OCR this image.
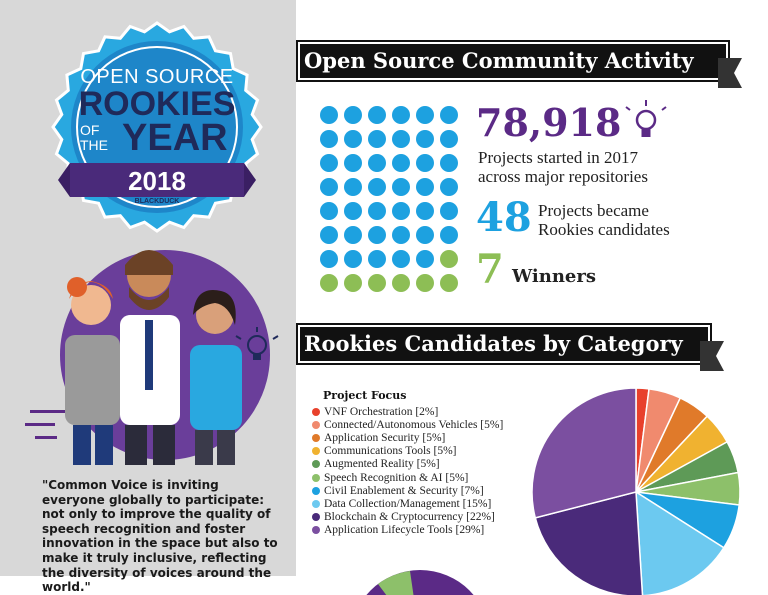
OPEN SOURCE
ROOKIES
OF
THE YEAR
2018
BLACKDUCK
"Common Voice is inviting everyone globally to participate: not only to improve the quality of speech recognition and foster innovation in the space but also to make it truly inclusive, reflecting the diversity of voices around the world."
Open Source Community Activity
78,918
Projects started in 2017
across major repositories
48 Projects became
Rookies candidates
7 Winners
Rookies Candidates by Category
Project Focus
VNF Orchestration [2%]
Connected/Autonomous Vehicles [5%]
Application Security [5%]
Communications Tools [5%]
Augmented Reality [5%]
Speech Recognition & AI [5%]
Civil Enablement & Security [7%]
Data Collection/Management [15%]
Blockchain & Cryptocurrency [22%]
Application Lifecycle Tools [29%]
